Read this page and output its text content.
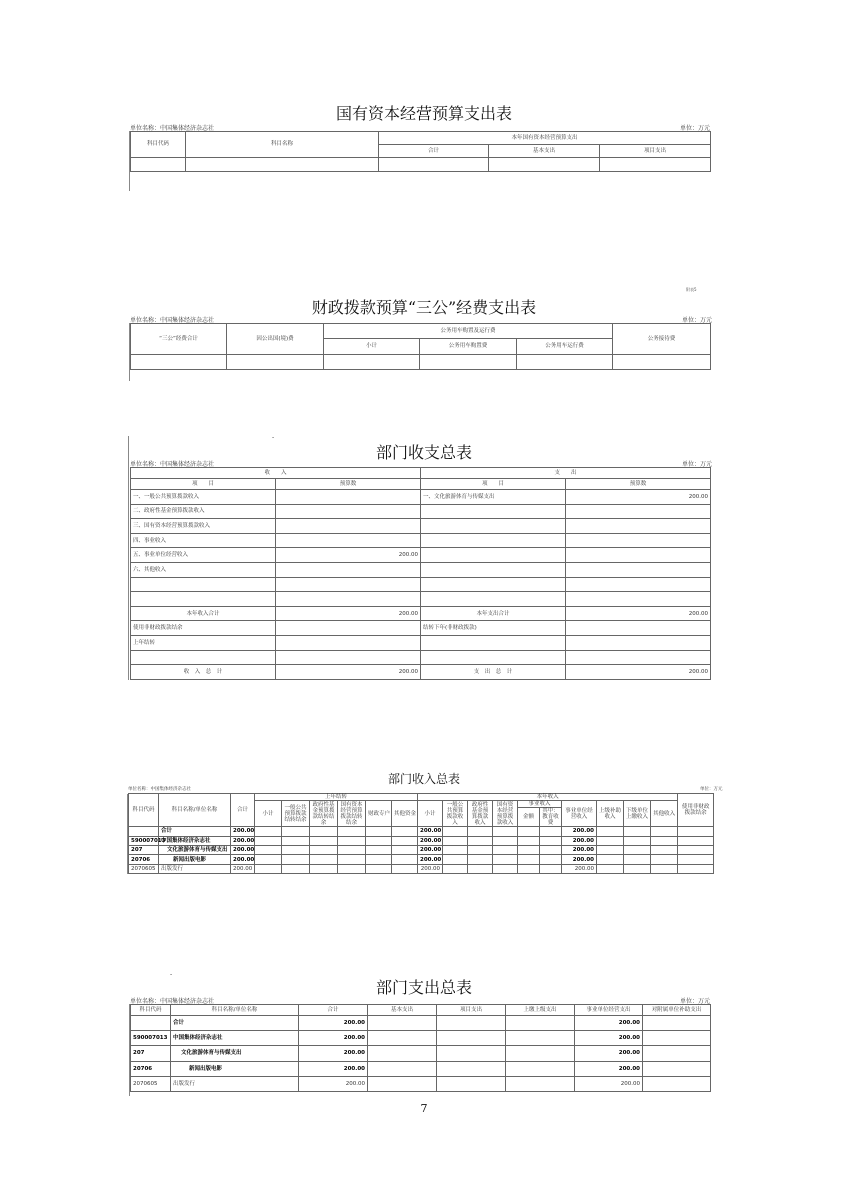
国有资本经营预算支出表
单位名称：中国集体经济杂志社	单位：万元
科目代码	科目名称	本年国有资本经营预算支出		
		合计	基本支出	项目支出

附表5
财政拨款预算“三公”经费支出表
单位名称：中国集体经济杂志社	单位：万元
“三公”经费合计	因公出国(境)费	公务用车购置及运行费			公务接待费
		小计	公务用车购置费	公务用车运行费	

-
部门收支总表
单位名称：中国集体经济杂志社	单位：万元
收　　入		支　　出	
项　　目	预算数	项　　目	预算数
一、一般公共预算拨款收入		一、文化旅游体育与传媒支出	200.00
二、政府性基金预算拨款收入			
三、国有资本经营预算拨款收入			
四、事业收入			
五、事业单位经营收入	200.00		
六、其他收入			

本年收入合计	200.00	本年支出合计	200.00
使用非财政拨款结余		结转下年(非财政拨款)	
上年结转			

收　入　总　计	200.00	支　出　总　计	200.00
部门收入总表
单位名称：中国集体经济杂志社	单位：万元
科目代码	科目名称/单位名称	合计	上年结转						本年收入										使用非财政拨款结余
			小计	一般公共预算拨款结转结余	政府性基金预算拨款结转结余	国有资本经营预算拨款结转结余	财政专户	其他资金	小计	一般公共预算拨款收入	政府性基金预算拨款收入	国有资本经营预算拨款收入	事业收入		事业单位经营收入	上级补助收入	下级单位上缴收入	其他收入	
													金额	其中：教育收费					
	合计	200.00							200.00						200.00				
590007013	中国集体经济杂志社	200.00							200.00						200.00				
207	文化旅游体育与传媒支出	200.00							200.00						200.00				
20706	新闻出版电影	200.00							200.00						200.00				
2070605	出版发行	200.00							200.00						200.00				
-
部门支出总表
单位名称：中国集体经济杂志社	单位：万元
科目代码	科目名称/单位名称	合计	基本支出	项目支出	上缴上级支出	事业单位经营支出	对附属单位补助支出
	合计	200.00				200.00	
590007013	中国集体经济杂志社	200.00				200.00	
207	文化旅游体育与传媒支出	200.00				200.00	
20706	新闻出版电影	200.00				200.00	
2070605	出版发行	200.00				200.00	
7
